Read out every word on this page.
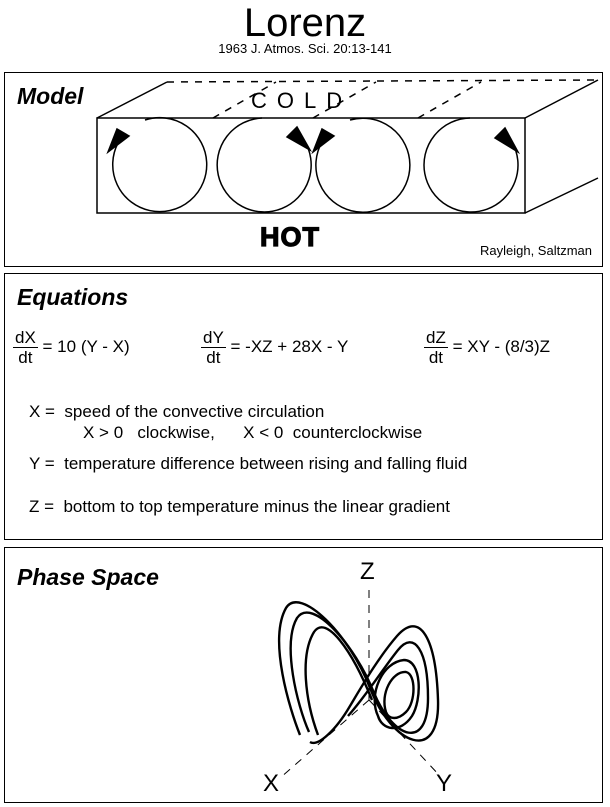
Lorenz
1963 J. Atmos. Sci. 20:13-141
Model	COLD
HOT	Rayleigh, Saltzman
Equations
$\frac{dX}{dt} = 10$ (Y - X)	$\frac{dY}{dt} = -XZ + 28X - Y$	$\frac{dZ}{dt}$ = XY - (8/3)Z
X =  speed of the convective circulation
X > 0   clockwise,      X < 0  counterclockwise
Y =  temperature difference between rising and falling fluid
Z =  bottom to top temperature minus the linear gradient
Phase Space	Z
X	Y
